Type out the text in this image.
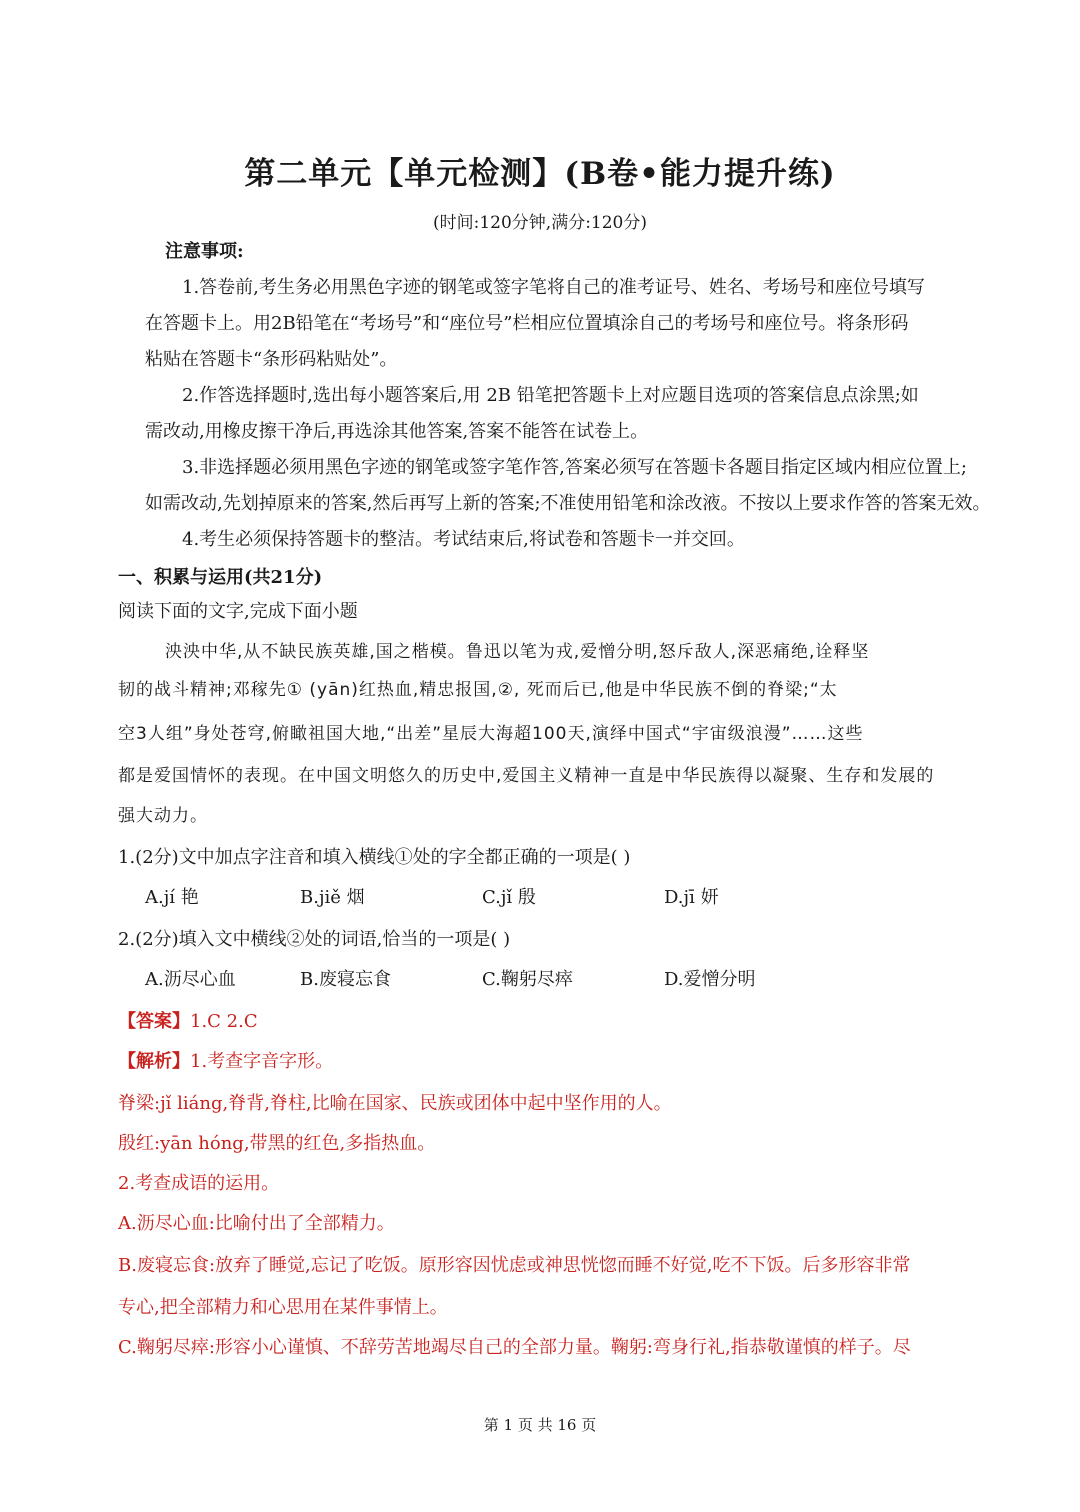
第二单元【单元检测】(B卷•能力提升练)
(时间:120分钟,满分:120分)
注意事项:
1.答卷前,考生务必用黑色字迹的钢笔或签字笔将自己的准考证号、姓名、考场号和座位号填写
在答题卡上。用2B铅笔在“考场号”和“座位号”栏相应位置填涂自己的考场号和座位号。将条形码
粘贴在答题卡“条形码粘贴处”。
2.作答选择题时,选出每小题答案后,用 2B 铅笔把答题卡上对应题目选项的答案信息点涂黑;如
需改动,用橡皮擦干净后,再选涂其他答案,答案不能答在试卷上。
3.非选择题必须用黑色字迹的钢笔或签字笔作答,答案必须写在答题卡各题目指定区域内相应位置上;
如需改动,先划掉原来的答案,然后再写上新的答案;不准使用铅笔和涂改液。不按以上要求作答的答案无效。
4.考生必须保持答题卡的整洁。考试结束后,将试卷和答题卡一并交回。
一、积累与运用(共21分)
阅读下面的文字,完成下面小题
泱泱中华,从不缺民族英雄,国之楷模。鲁迅以笔为戎,爱憎分明,怒斥敌人,深恶痛绝,诠释坚
韧的战斗精神;邓稼先① (yān)红热血,精忠报国,②, 死而后已,他是中华民族不倒的脊梁;“太
空3人组”身处苍穹,俯瞰祖国大地,“出差”星辰大海超100天,演绎中国式“宇宙级浪漫”……这些
都是爱国情怀的表现。在中国文明悠久的历史中,爱国主义精神一直是中华民族得以凝聚、生存和发展的
强大动力。
1.(2分)文中加点字注音和填入横线①处的字全都正确的一项是( )
A.jí 艳	B.jiě 烟	C.jǐ 殷	D.jī 妍
2.(2分)填入文中横线②处的词语,恰当的一项是( )
A.沥尽心血	B.废寝忘食	C.鞠躬尽瘁	D.爱憎分明
【答案】1.C 2.C
【解析】1.考查字音字形。
脊梁:jǐ liáng,脊背,脊柱,比喻在国家、民族或团体中起中坚作用的人。
殷红:yān hóng,带黑的红色,多指热血。
2.考查成语的运用。
A.沥尽心血:比喻付出了全部精力。
B.废寝忘食:放弃了睡觉,忘记了吃饭。原形容因忧虑或神思恍惚而睡不好觉,吃不下饭。后多形容非常
专心,把全部精力和心思用在某件事情上。
C.鞠躬尽瘁:形容小心谨慎、不辞劳苦地竭尽自己的全部力量。鞠躬:弯身行礼,指恭敬谨慎的样子。尽
第 1 页 共 16 页
